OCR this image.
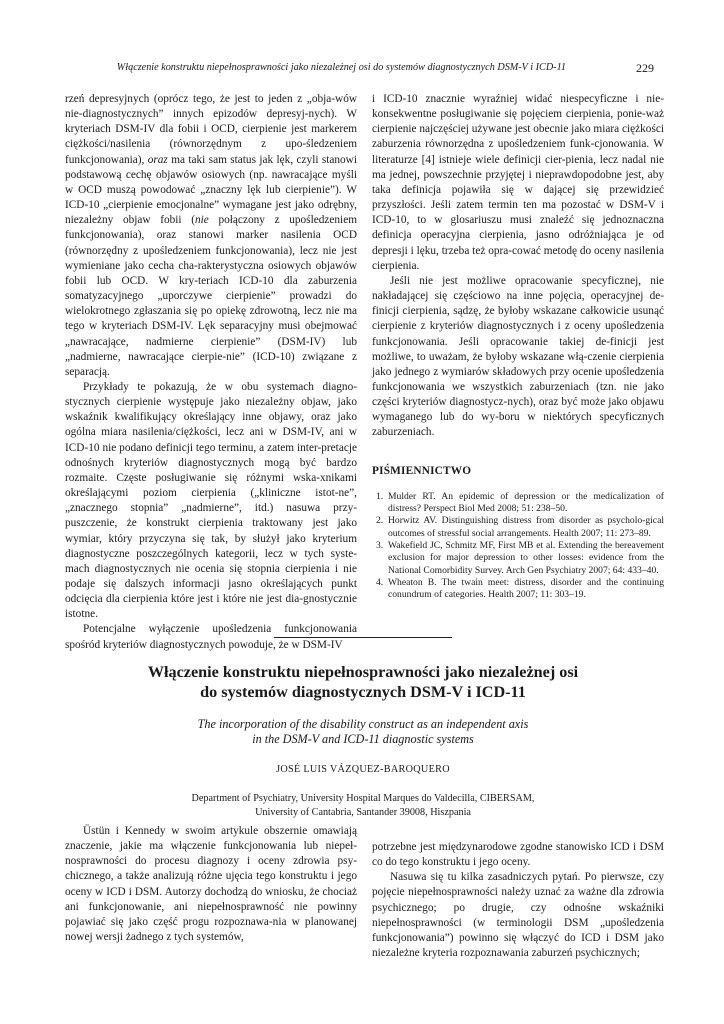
Włączenie konstruktu niepełnosprawności jako niezależnej osi do systemów diagnostycznych DSM-V i ICD-11	229

rzeń depresyjnych (oprócz tego, że jest to jeden z „obja-wów nie-diagnostycznych” innych epizodów depresyj-nych). W kryteriach DSM-IV dla fobii i OCD, cierpienie jest markerem ciężkości/nasilenia (równorzędnym z upo-śledzeniem funkcjonowania), oraz ma taki sam status jak lęk, czyli stanowi podstawową cechę objawów osiowych (np. nawracające myśli w OCD muszą powodować „znaczny lęk lub cierpienie”). W ICD-10 „cierpienie emocjonalne” wymagane jest jako odrębny, niezależny objaw fobii (nie połączony z upośledzeniem funkcjonowania), oraz stanowi marker nasilenia OCD (równorzędny z upośledzeniem funkcjonowania), lecz nie jest wymieniane jako cecha cha-rakterystyczna osiowych objawów fobii lub OCD. W kry-teriach ICD-10 dla zaburzenia somatyzacyjnego „uporczywe cierpienie” prowadzi do wielokrotnego zgłaszania się po opiekę zdrowotną, lecz nie ma tego w kryteriach DSM-IV. Lęk separacyjny musi obejmować „nawracające, nadmierne cierpienie” (DSM-IV) lub „nadmierne, nawracające cierpie-nie” (ICD-10) związane z separacją.

Przykłady te pokazują, że w obu systemach diagno-stycznych cierpienie występuje jako niezależny objaw, jako wskaźnik kwalifikujący określający inne objawy, oraz jako ogólna miara nasilenia/ciężkości, lecz ani w DSM-IV, ani w ICD-10 nie podano definicji tego terminu, a zatem inter-pretacje odnośnych kryteriów diagnostycznych mogą być bardzo rozmaite. Częste posługiwanie się różnymi wska-xnikami określającymi poziom cierpienia („kliniczne istot-ne”, „znacznego stopnia” „nadmierne”, itd.) nasuwa przy-puszczenie, że konstrukt cierpienia traktowany jest jako wymiar, który przyczyna się tak, by służył jako kryterium diagnostyczne poszczególnych kategorii, lecz w tych syste-mach diagnostycznych nie ocenia się stopnia cierpienia i nie podaje się dalszych informacji jasno określających punkt odcięcia dla cierpienia które jest i które nie jest dia-gnostycznie istotne.

Potencjalne wyłączenie upośledzenia funkcjonowania spośród kryteriów diagnostycznych powoduje, że w DSM-IV

i ICD-10 znacznie wyraźniej widać niespecyficzne i nie-konsekwentne posługiwanie się pojęciem cierpienia, ponie-waż cierpienie najczęściej używane jest obecnie jako miara ciężkości zaburzenia równorzędna z upośledzeniem funk-cjonowania. W literaturze [4] istnieje wiele definicji cier-pienia, lecz nadal nie ma jednej, powszechnie przyjętej i nieprawdopodobne jest, aby taka definicja pojawiła się w dającej się przewidzieć przyszłości. Jeśli zatem termin ten ma pozostać w DSM-V i ICD-10, to w glosariuszu musi znaleźć się jednoznaczna definicja operacyjna cierpienia, jasno odróżniająca je od depresji i lęku, trzeba też opra-cować metodę do oceny nasilenia cierpienia.

Jeśli nie jest możliwe opracowanie specyficznej, nie nakładającej się częściowo na inne pojęcia, operacyjnej de-finicji cierpienia, sądzę, że byłoby wskazane całkowicie usunąć cierpienie z kryteriów diagnostycznych i z oceny upośledzenia funkcjonowania. Jeśli opracowanie takiej de-finicji jest możliwe, to uważam, że byłoby wskazane włą-czenie cierpienia jako jednego z wymiarów składowych przy ocenie upośledzenia funkcjonowania we wszystkich zaburzeniach (tzn. nie jako części kryteriów diagnostycz-nych), oraz być może jako objawu wymaganego lub do wy-boru w niektórych specyficznych zaburzeniach.

PIŚMIENNICTWO
1. Mulder RT. An epidemic of depression or the medicalization of distress? Perspect Biol Med 2008; 51: 238–50.
2. Horwitz AV. Distinguishing distress from disorder as psycholo-gical outcomes of stressful social arrangements. Health 2007; 11: 273–89.
3. Wakefield JC, Schmitz MF, First MB et al. Extending the bereavement exclusion for major depression to other losses: evidence from the National Comorbidity Survey. Arch Gen Psychiatry 2007; 64: 433–40.
4. Wheaton B. The twain meet: distress, disorder and the continuing conundrum of categories. Health 2007; 11: 303–19.
Włączenie konstruktu niepełnosprawności jako niezależnej osi
do systemów diagnostycznych DSM-V i ICD-11
The incorporation of the disability construct as an independent axis
in the DSM-V and ICD-11 diagnostic systems
JOSÉ LUIS VÁZQUEZ-BAROQUERO
Department of Psychiatry, University Hospital Marques do Valdecilla, CIBERSAM,
University of Cantabria, Santander 39008, Hiszpania

Üstün i Kennedy w swoim artykule obszernie omawiają znaczenie, jakie ma włączenie funkcjonowania lub niepeł-nosprawności do procesu diagnozy i oceny zdrowia psy-chicznego, a także analizują różne ujęcia tego konstruktu i jego oceny w ICD i DSM. Autorzy dochodzą do wniosku, że chociaż ani funkcjonowanie, ani niepełnosprawność nie powinny pojawiać się jako część progu rozpoznawa-nia w planowanej nowej wersji żadnego z tych systemów,

potrzebne jest międzynarodowe zgodne stanowisko ICD i DSM co do tego konstruktu i jego oceny.

Nasuwa się tu kilka zasadniczych pytań. Po pierwsze, czy pojęcie niepełnosprawności należy uznać za ważne dla zdrowia psychicznego; po drugie, czy odnośne wskaźniki niepełnosprawności (w terminologii DSM „upośledzenia funkcjonowania”) powinno się włączyć do ICD i DSM jako niezależne kryteria rozpoznawania zaburzeń psychicznych;
